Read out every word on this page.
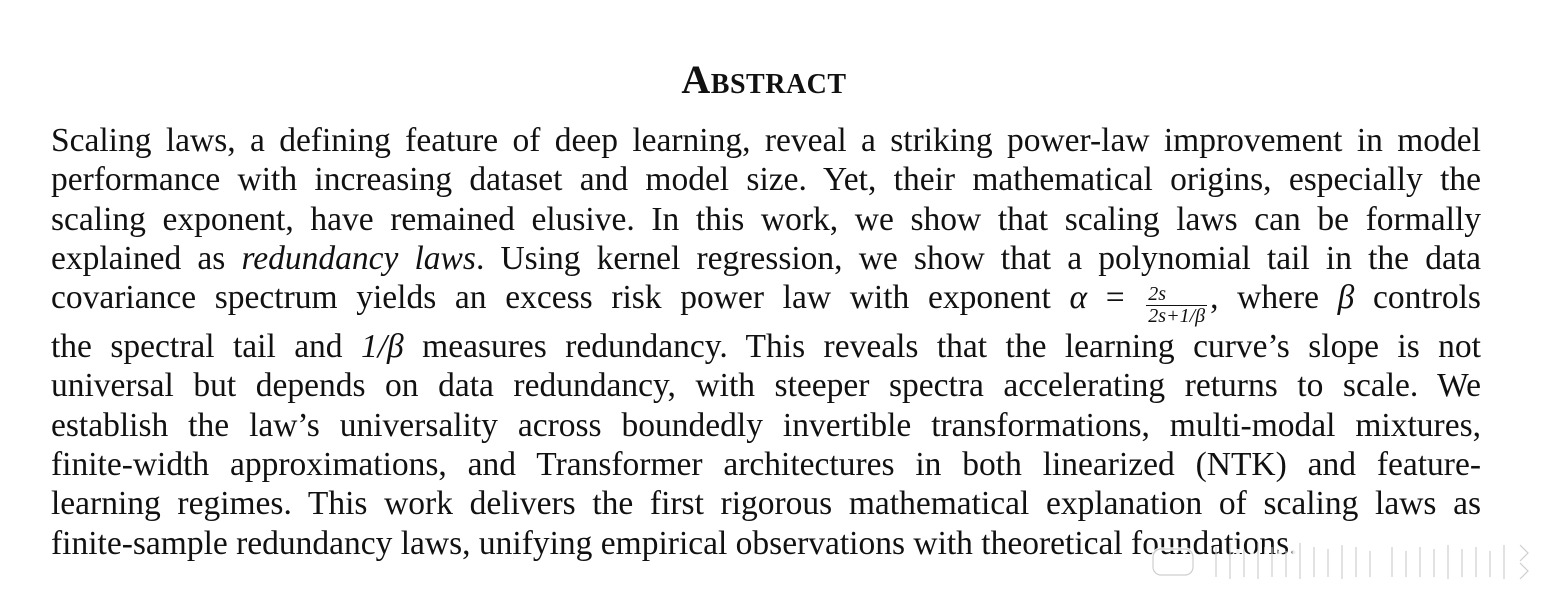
Abstract
Scaling laws, a defining feature of deep learning, reveal a striking power-law improvement in model
performance with increasing dataset and model size. Yet, their mathematical origins, especially the
scaling exponent, have remained elusive. In this work, we show that scaling laws can be formally
explained as redundancy laws. Using kernel regression, we show that a polynomial tail in the data
covariance spectrum yields an excess risk power law with exponent $\alpha = \frac{2s}{2s+1/\beta}$ , where β controls
the spectral tail and 1/β measures redundancy. This reveals that the learning curve’s slope is not
universal but depends on data redundancy, with steeper spectra accelerating returns to scale. We
establish the law’s universality across boundedly invertible transformations, multi-modal mixtures,
finite-width approximations, and Transformer architectures in both linearized (NTK) and feature-
learning regimes. This work delivers the first rigorous mathematical explanation of scaling laws as
finite-sample redundancy laws, unifying empirical observations with theoretical foundations.
